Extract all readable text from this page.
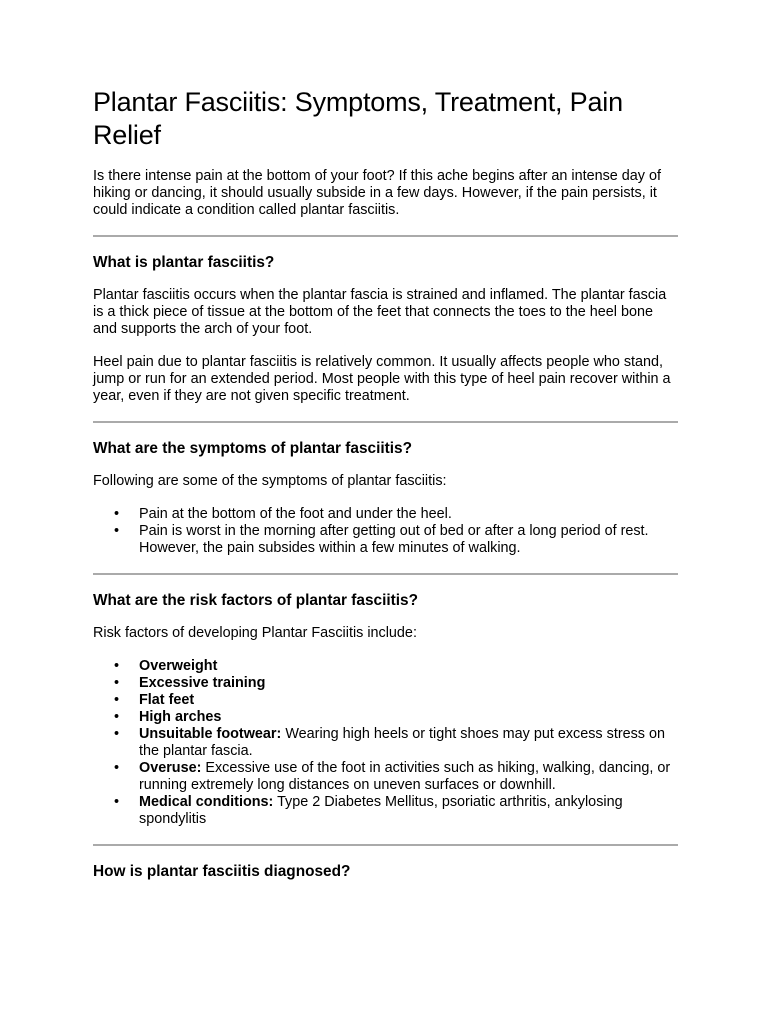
Plantar Fasciitis: Symptoms, Treatment, Pain Relief

Is there intense pain at the bottom of your foot? If this ache begins after an intense day of hiking or dancing, it should usually subside in a few days. However, if the pain persists, it could indicate a condition called plantar fasciitis.

What is plantar fasciitis?

Plantar fasciitis occurs when the plantar fascia is strained and inflamed. The plantar fascia is a thick piece of tissue at the bottom of the feet that connects the toes to the heel bone and supports the arch of your foot.

Heel pain due to plantar fasciitis is relatively common. It usually affects people who stand, jump or run for an extended period. Most people with this type of heel pain recover within a year, even if they are not given specific treatment.

What are the symptoms of plantar fasciitis?

Following are some of the symptoms of plantar fasciitis:

• Pain at the bottom of the foot and under the heel.
• Pain is worst in the morning after getting out of bed or after a long period of rest. However, the pain subsides within a few minutes of walking.
What are the risk factors of plantar fasciitis?

Risk factors of developing Plantar Fasciitis include:

• Overweight
• Excessive training
• Flat feet
• High arches
• Unsuitable footwear: Wearing high heels or tight shoes may put excess stress on the plantar fascia.
• Overuse: Excessive use of the foot in activities such as hiking, walking, dancing, or running extremely long distances on uneven surfaces or downhill.
• Medical conditions: Type 2 Diabetes Mellitus, psoriatic arthritis, ankylosing spondylitis
How is plantar fasciitis diagnosed?
